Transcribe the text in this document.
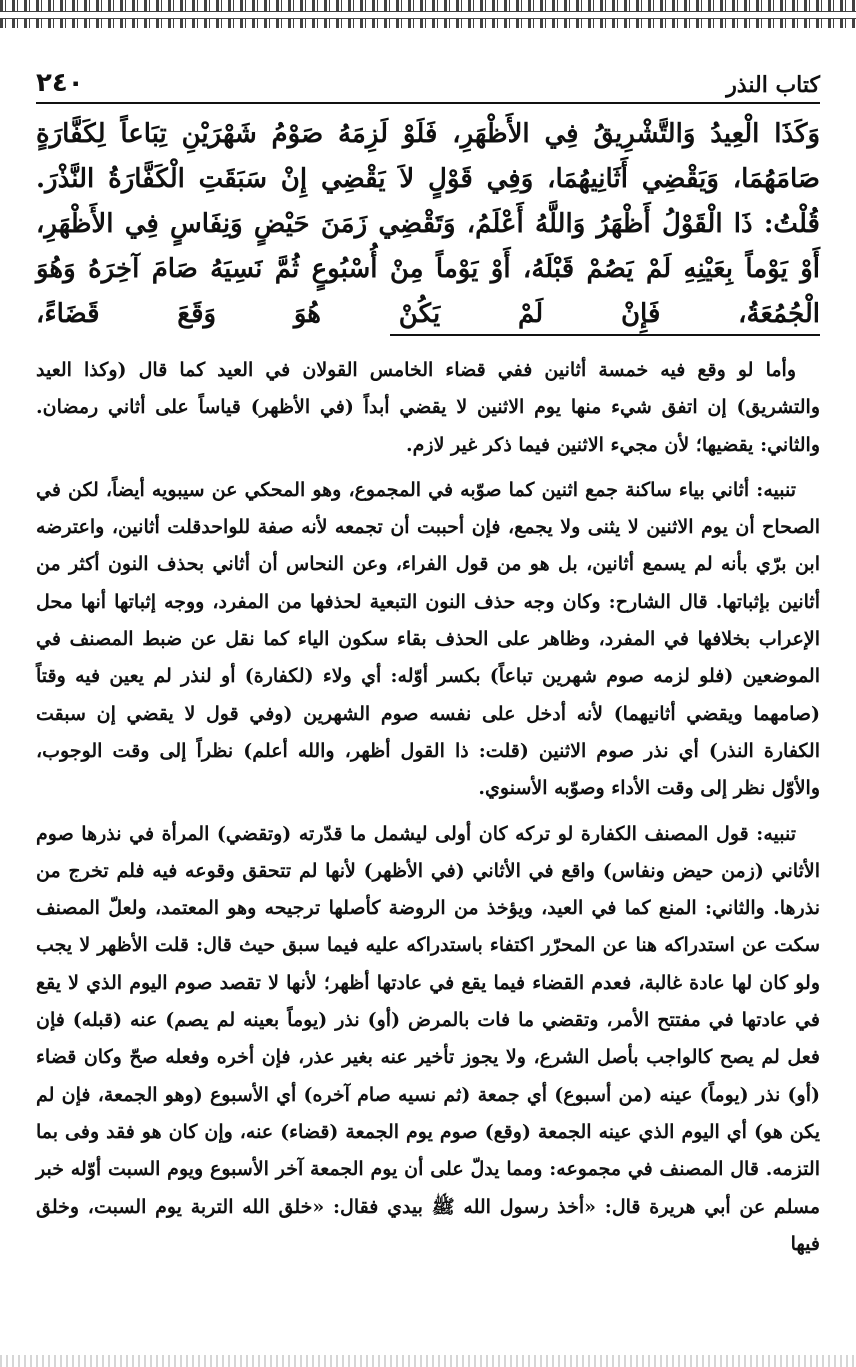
٢٤٠	كتاب النذر

وَكَذَا الْعِيدُ وَالتَّشْرِيقُ فِي الأَظْهَرِ، فَلَوْ لَزِمَهُ صَوْمُ شَهْرَيْنِ تِبَاعاً لِكَفَّارَةٍ صَامَهُمَا، وَيَقْضِي أَثَانِيهُمَا، وَفِي قَوْلٍ لاَ يَقْضِي إِنْ سَبَقَتِ الْكَفَّارَةُ النَّذْرَ. قُلْتُ: ذَا الْقَوْلُ أَظْهَرُ وَاللَّهُ أَعْلَمُ، وَتَقْضِي زَمَنَ حَيْضٍ وَنِفَاسٍ فِي الأَظْهَرِ، أَوْ يَوْماً بِعَيْنِهِ لَمْ يَصُمْ قَبْلَهُ، أَوْ يَوْماً مِنْ أُسْبُوعٍ ثُمَّ نَسِيَهُ صَامَ آخِرَهُ وَهُوَ الْجُمُعَةُ، فَإِنْ لَمْ يَكُنْ هُوَ وَقَعَ قَضَاءً،

وأما لو وقع فيه خمسة أثانين ففي قضاء الخامس القولان في العيد كما قال (وكذا العيد والتشريق) إن اتفق شيء منها يوم الاثنين لا يقضي أبداً (في الأظهر) قياساً على أثاني رمضان. والثاني: يقضيها؛ لأن مجيء الاثنين فيما ذكر غير لازم.

تنبيه: أثاني بياء ساكنة جمع اثنين كما صوّبه في المجموع، وهو المحكي عن سيبويه أيضاً، لكن في الصحاح أن يوم الاثنين لا يثنى ولا يجمع، فإن أحببت أن تجمعه لأنه صفة للواحدقلت أثانين، واعترضه ابن برّي بأنه لم يسمع أثانين، بل هو من قول الفراء، وعن النحاس أن أثاني بحذف النون أكثر من أثانين بإثباتها. قال الشارح: وكان وجه حذف النون التبعية لحذفها من المفرد، ووجه إثباتها أنها محل الإعراب بخلافها في المفرد، وظاهر على الحذف بقاء سكون الياء كما نقل عن ضبط المصنف في الموضعين (فلو لزمه صوم شهرين تباعاً) بكسر أوّله: أي ولاء (لكفارة) أو لنذر لم يعين فيه وقتاً (صامهما ويقضي أثانيهما) لأنه أدخل على نفسه صوم الشهرين (وفي قول لا يقضي إن سبقت الكفارة النذر) أي نذر صوم الاثنين (قلت: ذا القول أظهر، والله أعلم) نظراً إلى وقت الوجوب، والأوّل نظر إلى وقت الأداء وصوّبه الأسنوي.

تنبيه: قول المصنف الكفارة لو تركه كان أولى ليشمل ما قدّرته (وتقضي) المرأة في نذرها صوم الأثاني (زمن حيض ونفاس) واقع في الأثاني (في الأظهر) لأنها لم تتحقق وقوعه فيه فلم تخرج من نذرها. والثاني: المنع كما في العيد، ويؤخذ من الروضة كأصلها ترجيحه وهو المعتمد، ولعلّ المصنف سكت عن استدراكه هنا عن المحرّر اكتفاء باستدراكه عليه فيما سبق حيث قال: قلت الأظهر لا يجب ولو كان لها عادة غالبة، فعدم القضاء فيما يقع في عادتها أظهر؛ لأنها لا تقصد صوم اليوم الذي لا يقع في عادتها في مفتتح الأمر، وتقضي ما فات بالمرض (أو) نذر (يوماً بعينه لم يصم) عنه (قبله) فإن فعل لم يصح كالواجب بأصل الشرع، ولا يجوز تأخير عنه بغير عذر، فإن أخره وفعله صحّ وكان قضاء (أو) نذر (يوماً) عينه (من أسبوع) أي جمعة (ثم نسيه صام آخره) أي الأسبوع (وهو الجمعة، فإن لم يكن هو) أي اليوم الذي عينه الجمعة (وقع) صوم يوم الجمعة (قضاء) عنه، وإن كان هو فقد وفى بما التزمه. قال المصنف في مجموعه: ومما يدلّ على أن يوم الجمعة آخر الأسبوع ويوم السبت أوّله خبر مسلم عن أبي هريرة قال: «أخذ رسول الله ﷺ بيدي فقال: «خلق الله التربة يوم السبت، وخلق فيها
